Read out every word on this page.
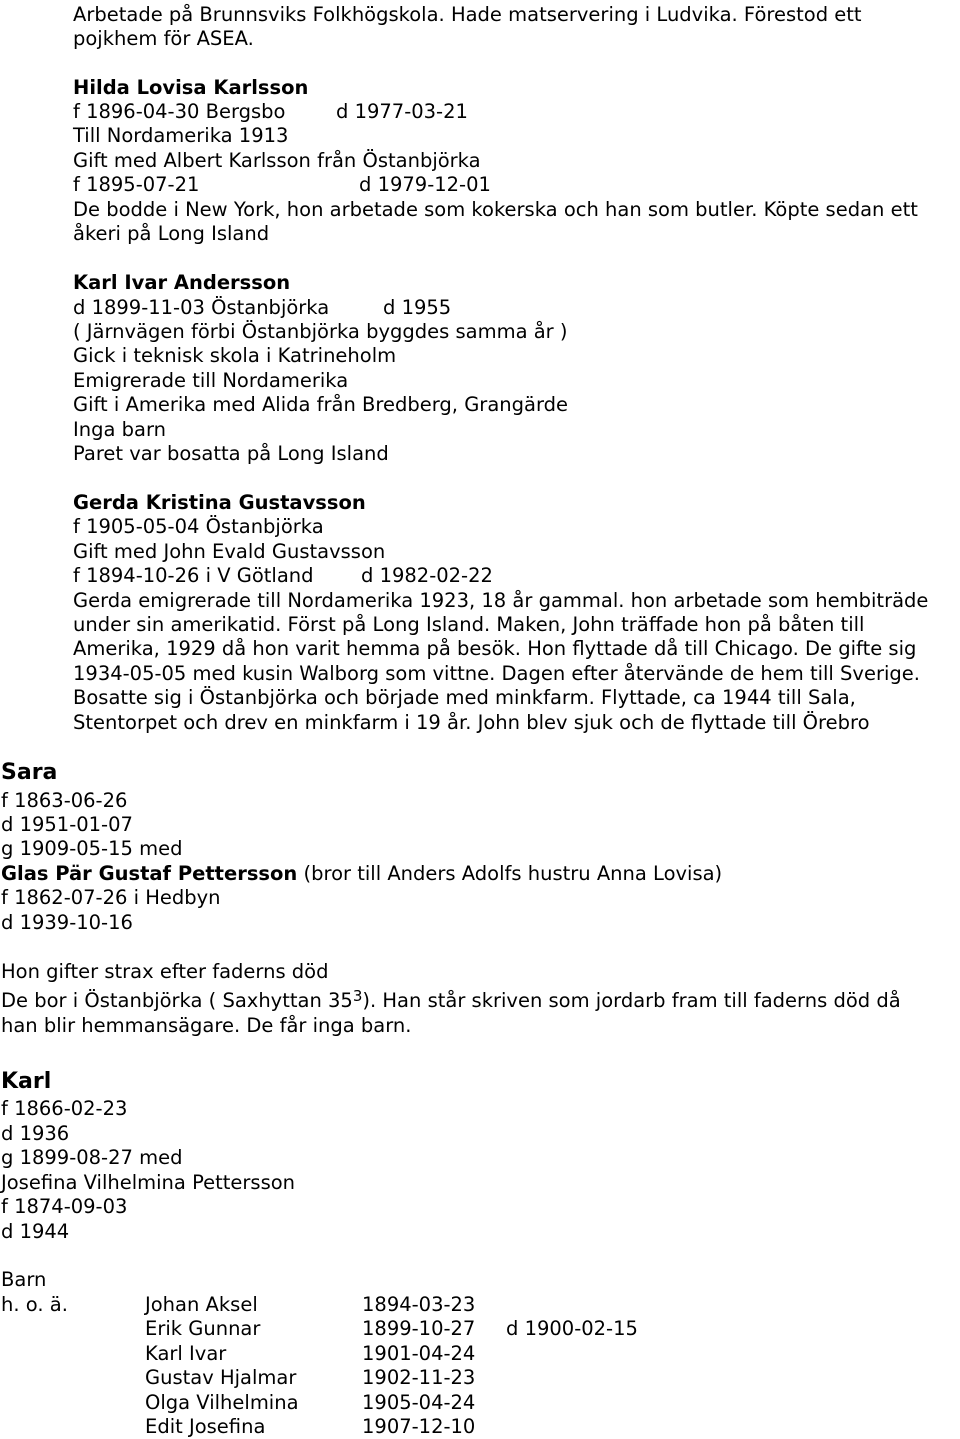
Arbetade på Brunnsviks Folkhögskola. Hade matservering i Ludvika. Förestod ett
pojkhem för ASEA.
Hilda Lovisa Karlsson
f 1896-04-30 Bergsbo	d 1977-03-21
Till Nordamerika 1913
Gift med Albert Karlsson från Östanbjörka
f 1895-07-21	d 1979-12-01
De bodde i New York, hon arbetade som kokerska och han som butler. Köpte sedan ett
åkeri på Long Island
Karl Ivar Andersson
d 1899-11-03 Östanbjörka	d 1955
( Järnvägen förbi Östanbjörka byggdes samma år )
Gick i teknisk skola i Katrineholm
Emigrerade till Nordamerika
Gift i Amerika med Alida från Bredberg, Grangärde
Inga barn
Paret var bosatta på Long Island
Gerda Kristina Gustavsson
f 1905-05-04 Östanbjörka
Gift med John Evald Gustavsson
f 1894-10-26 i V Götland d 1982-02-22
Gerda emigrerade till Nordamerika 1923, 18 år gammal. hon arbetade som hembiträde
under sin amerikatid. Först på Long Island. Maken, John träffade hon på båten till
Amerika, 1929 då hon varit hemma på besök. Hon flyttade då till Chicago. De gifte sig
1934-05-05 med kusin Walborg som vittne. Dagen efter återvände de hem till Sverige.
Bosatte sig i Östanbjörka och började med minkfarm. Flyttade, ca 1944 till Sala,
Stentorpet och drev en minkfarm i 19 år. John blev sjuk och de flyttade till Örebro
Sara
f 1863-06-26
d 1951-01-07
g 1909-05-15 med
Glas Pär Gustaf Pettersson (bror till Anders Adolfs hustru Anna Lovisa)
f 1862-07-26 i Hedbyn
d 1939-10-16
Hon gifter strax efter faderns död
De bor i Östanbjörka ( Saxhyttan $35^3$). Han står skriven som jordarb fram till faderns död då
han blir hemmansägare. De får inga barn.
Karl
f 1866-02-23
d 1936
g 1899-08-27 med
Josefina Vilhelmina Pettersson
f 1874-09-03
d 1944
Barn
h. o. ä.	Johan Aksel	1894-03-23
Erik Gunnar	1899-10-27 d 1900-02-15
Karl Ivar	1901-04-24
Gustav Hjalmar	1902-11-23
Olga Vilhelmina	1905-04-24
Edit Josefina	1907-12-10
